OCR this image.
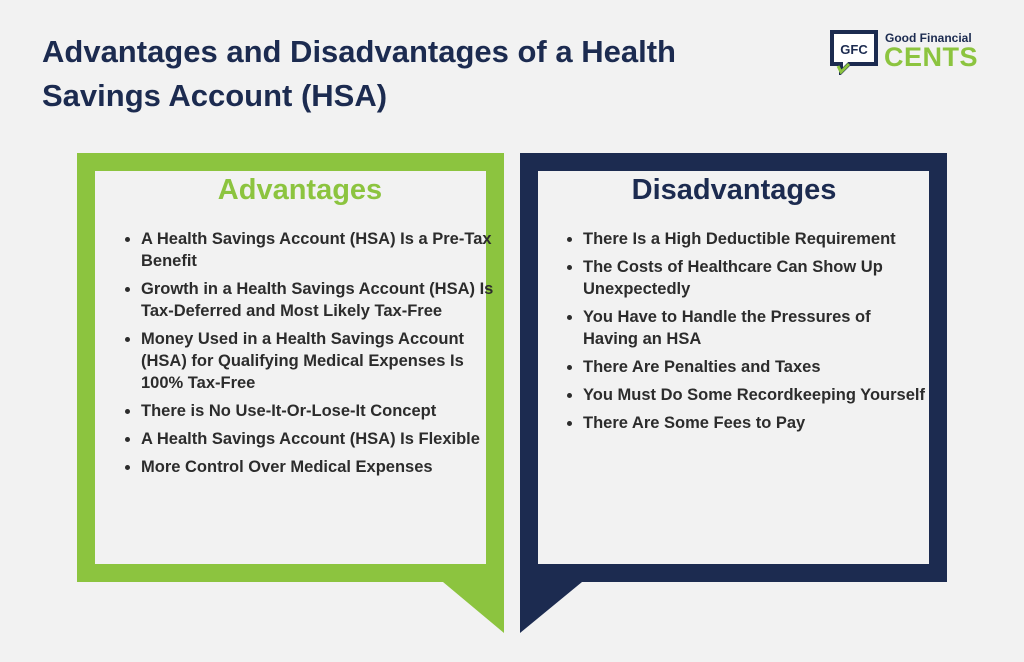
Advantages and Disadvantages of a Health Savings Account (HSA)
GFC
Good Financial
CENTS
Advantages
A Health Savings Account (HSA) Is a Pre-Tax Benefit
Growth in a Health Savings Account (HSA) Is Tax-Deferred and Most Likely Tax-Free
Money Used in a Health Savings Account (HSA) for Qualifying Medical Expenses Is 100% Tax-Free
There is No Use-It-Or-Lose-It Concept
A Health Savings Account (HSA) Is Flexible
More Control Over Medical Expenses
Disadvantages
There Is a High Deductible Requirement
The Costs of Healthcare Can Show Up Unexpectedly
You Have to Handle the Pressures of Having an HSA
There Are Penalties and Taxes
You Must Do Some Recordkeeping Yourself
There Are Some Fees to Pay
